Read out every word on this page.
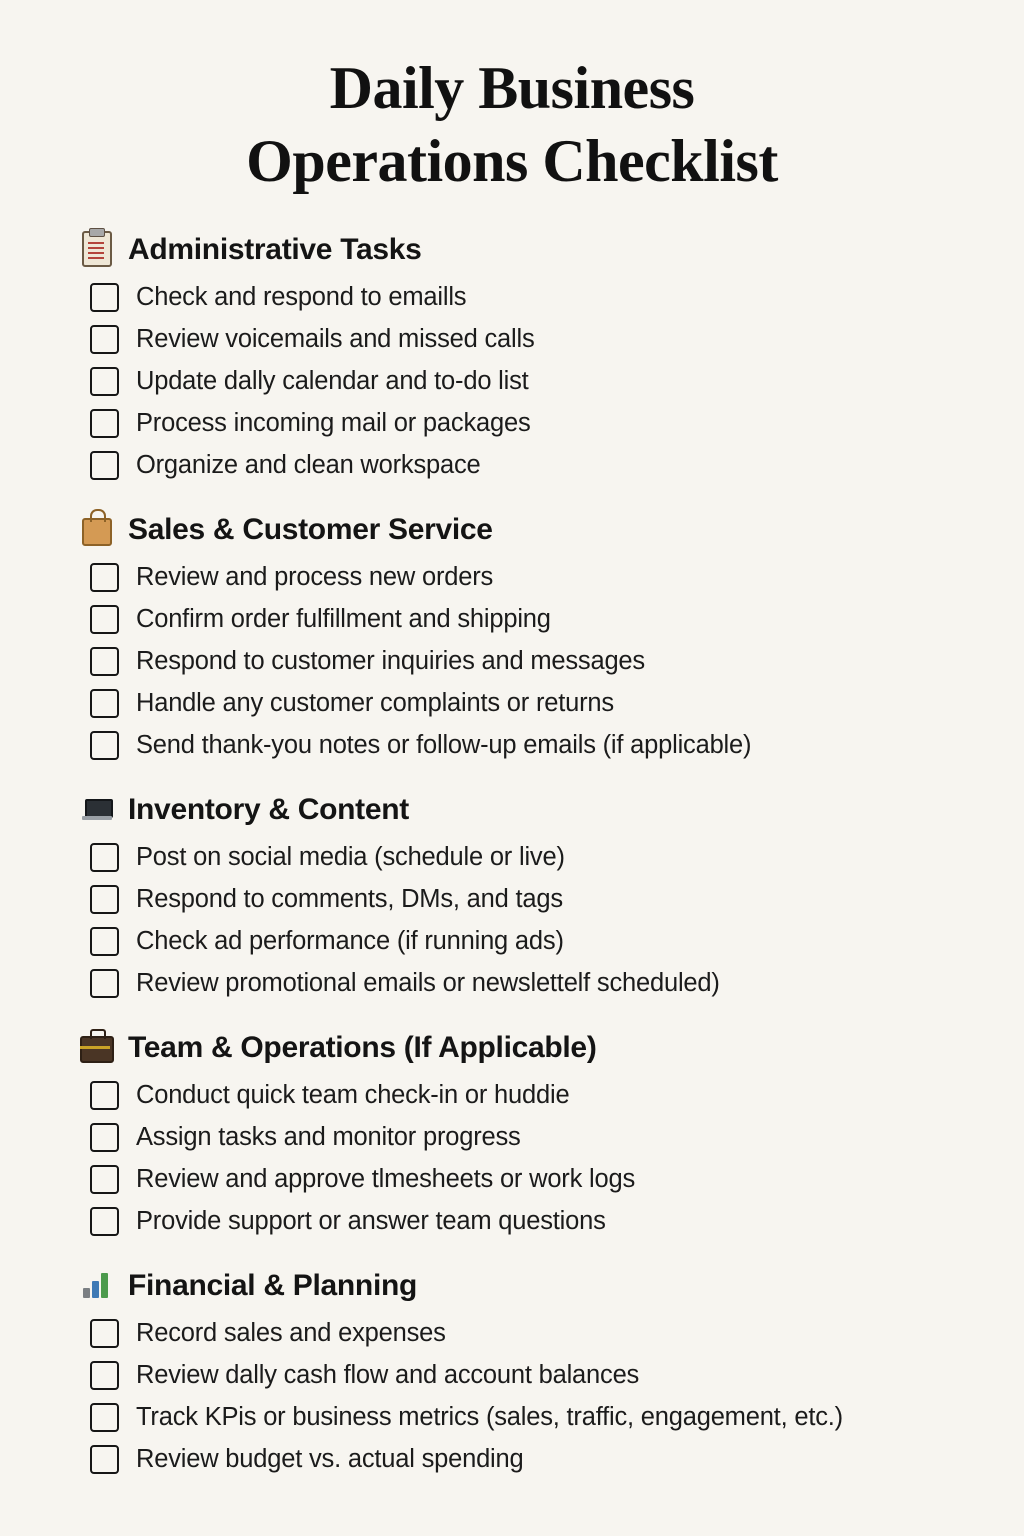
Daily Business
Operations Checklist
Administrative Tasks
Check and respond to emaills
Review voicemails and missed calls
Update dally calendar and to-do list
Process incoming mail or packages
Organize and clean workspace
Sales & Customer Service
Review and process new orders
Confirm order fulfillment and shipping
Respond to customer inquiries and messages
Handle any customer complaints or returns
Send thank-you notes or follow-up emails (if applicable)
Inventory & Content
Post on social media (schedule or live)
Respond to comments, DMs, and tags
Check ad performance (if running ads)
Review promotional emails or newslettelf scheduled)
Team & Operations (If Applicable)
Conduct quick team check-in or huddie
Assign tasks and monitor progress
Review and approve tlmesheets or work logs
Provide support or answer team questions
Financial & Planning
Record sales and expenses
Review dally cash flow and account balances
Track KPis or business metrics (sales, traffic, engagement, etc.)
Review budget vs. actual spending
